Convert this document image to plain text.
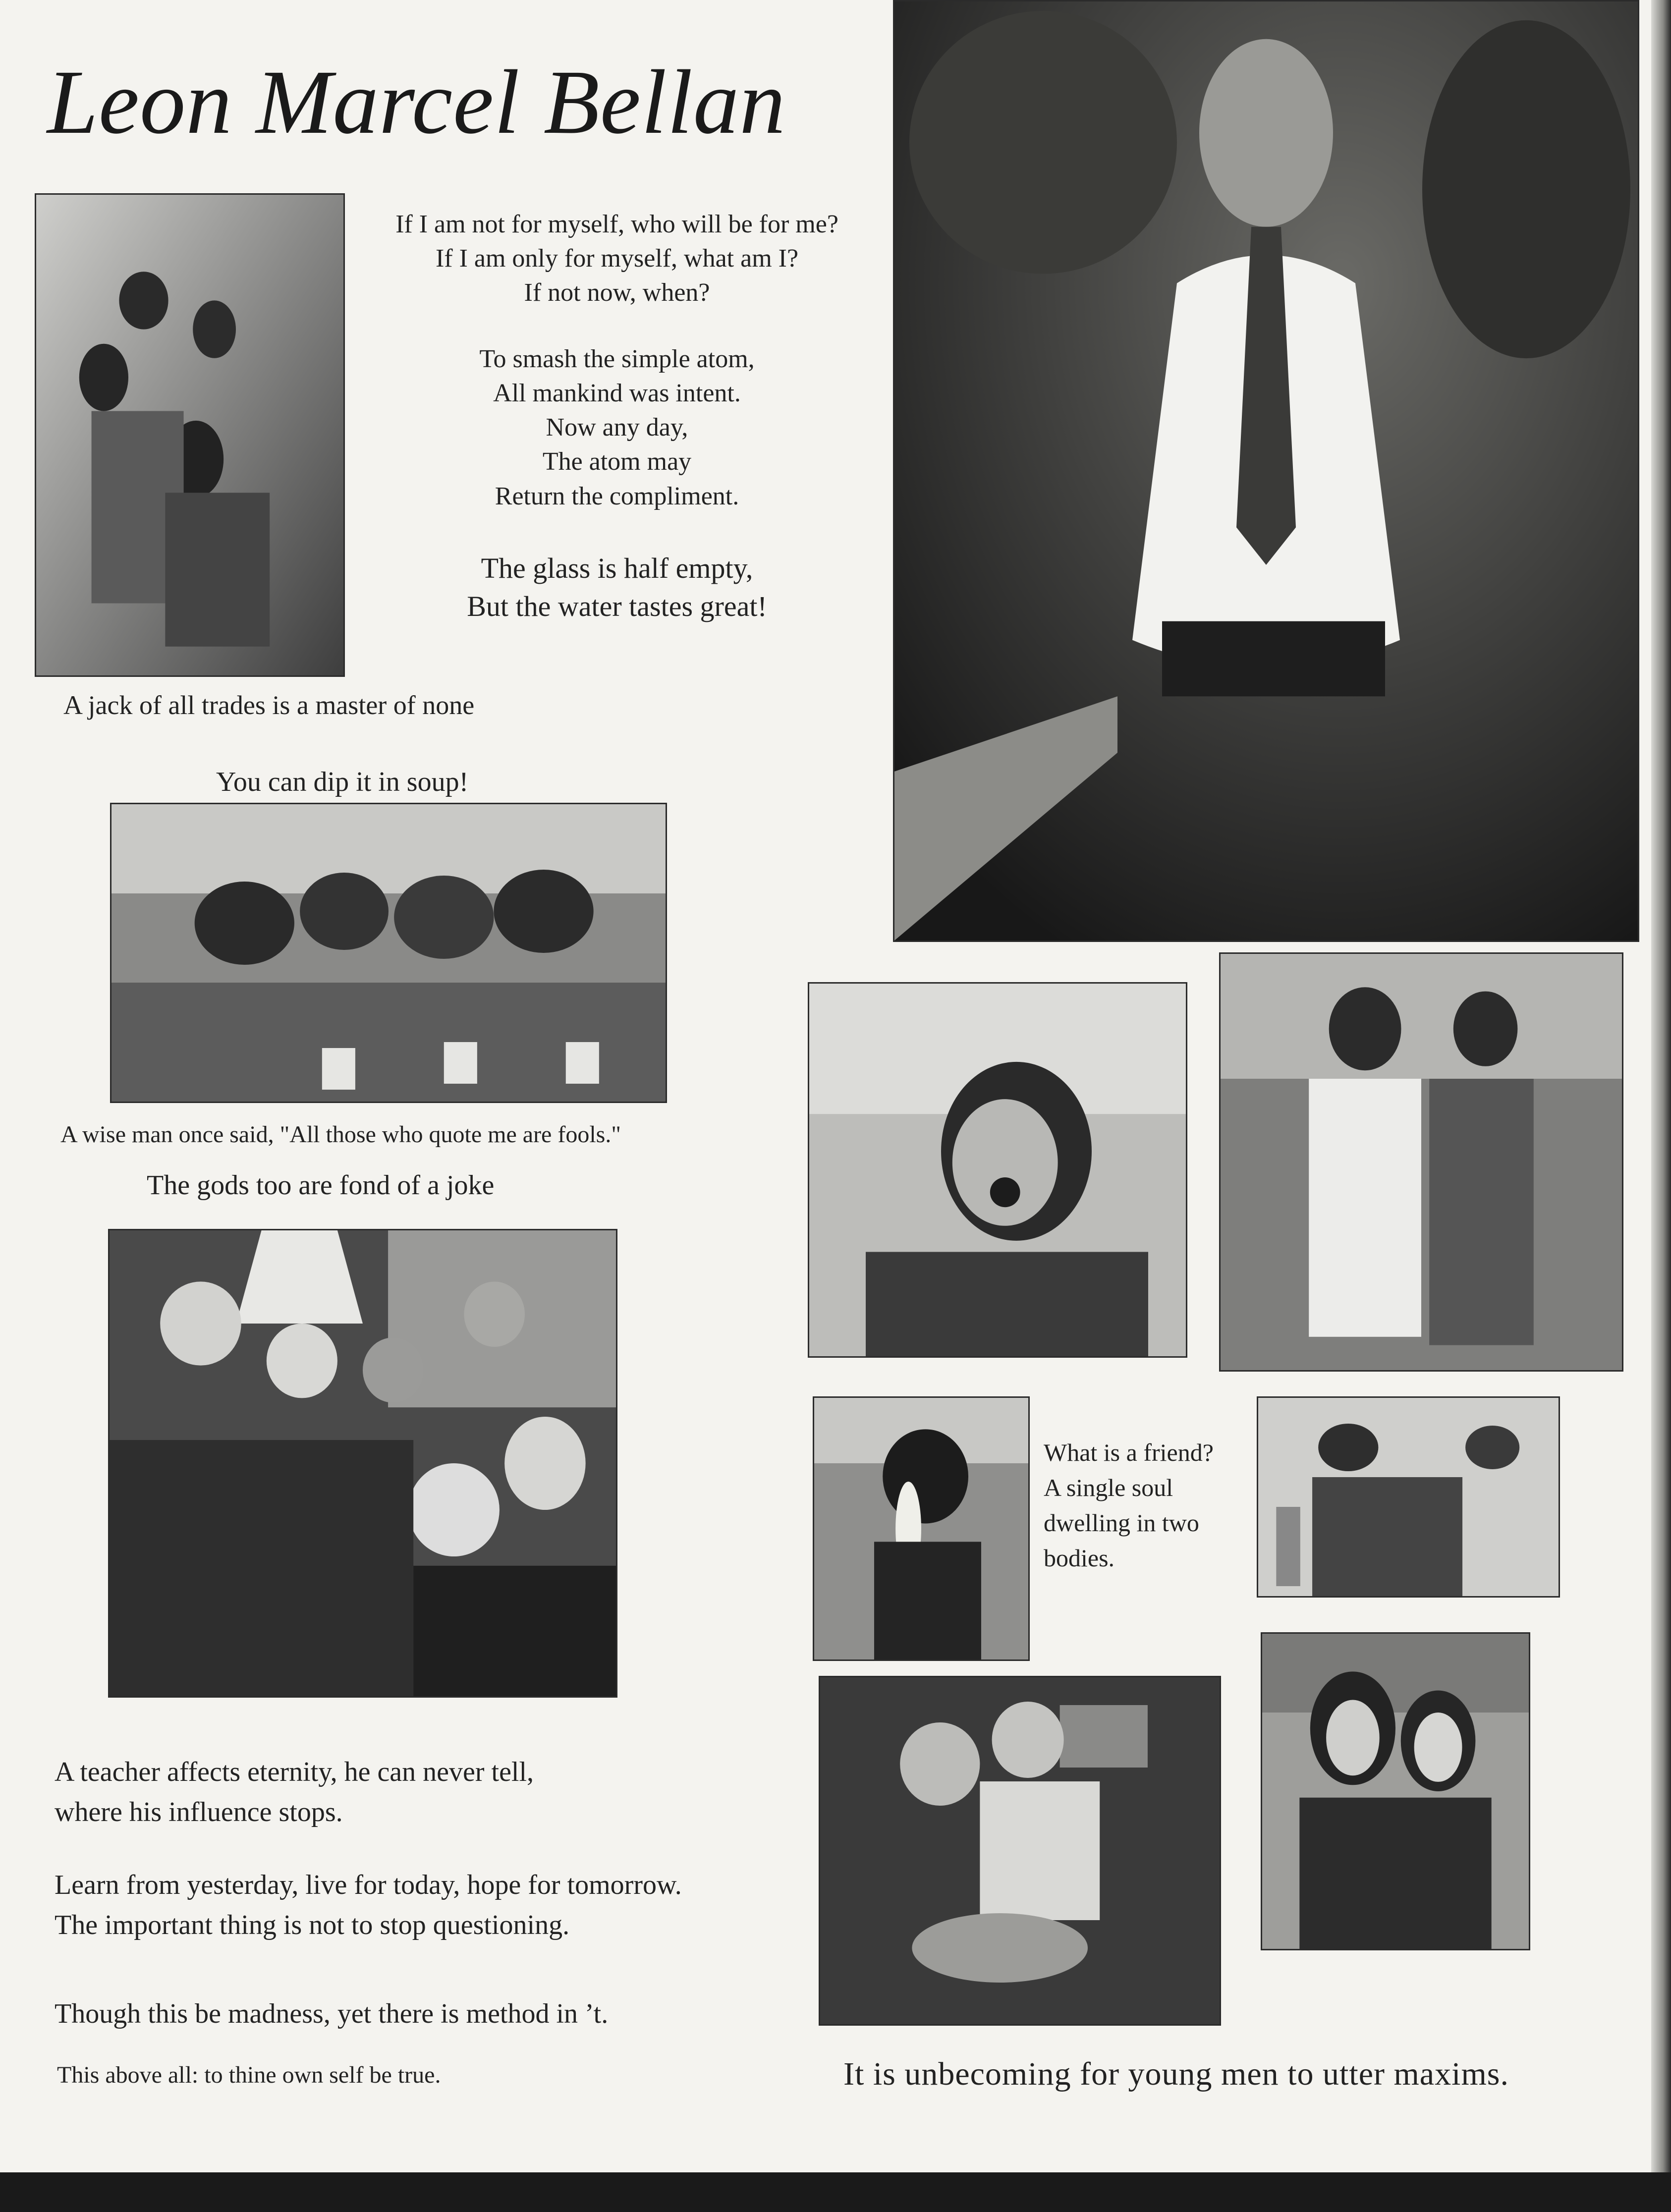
Leon Marcel Bellan
If I am not for myself, who will be for me?
If I am only for myself, what am I?
If not now, when?
To smash the simple atom,
All mankind was intent.
Now any day,
The atom may
Return the compliment.
The glass is half empty,
But the water tastes great!
A jack of all trades is a master of none
You can dip it in soup!
A wise man once said, "All those who quote me are fools."
The gods too are fond of a joke
What is a friend?
A single soul
dwelling in two
bodies.
A teacher affects eternity, he can never tell,
where his influence stops.
Learn from yesterday, live for today, hope for tomorrow.
The important thing is not to stop questioning.
Though this be madness, yet there is method in ’t.
This above all: to thine own self be true.	It is unbecoming for young men to utter maxims.
